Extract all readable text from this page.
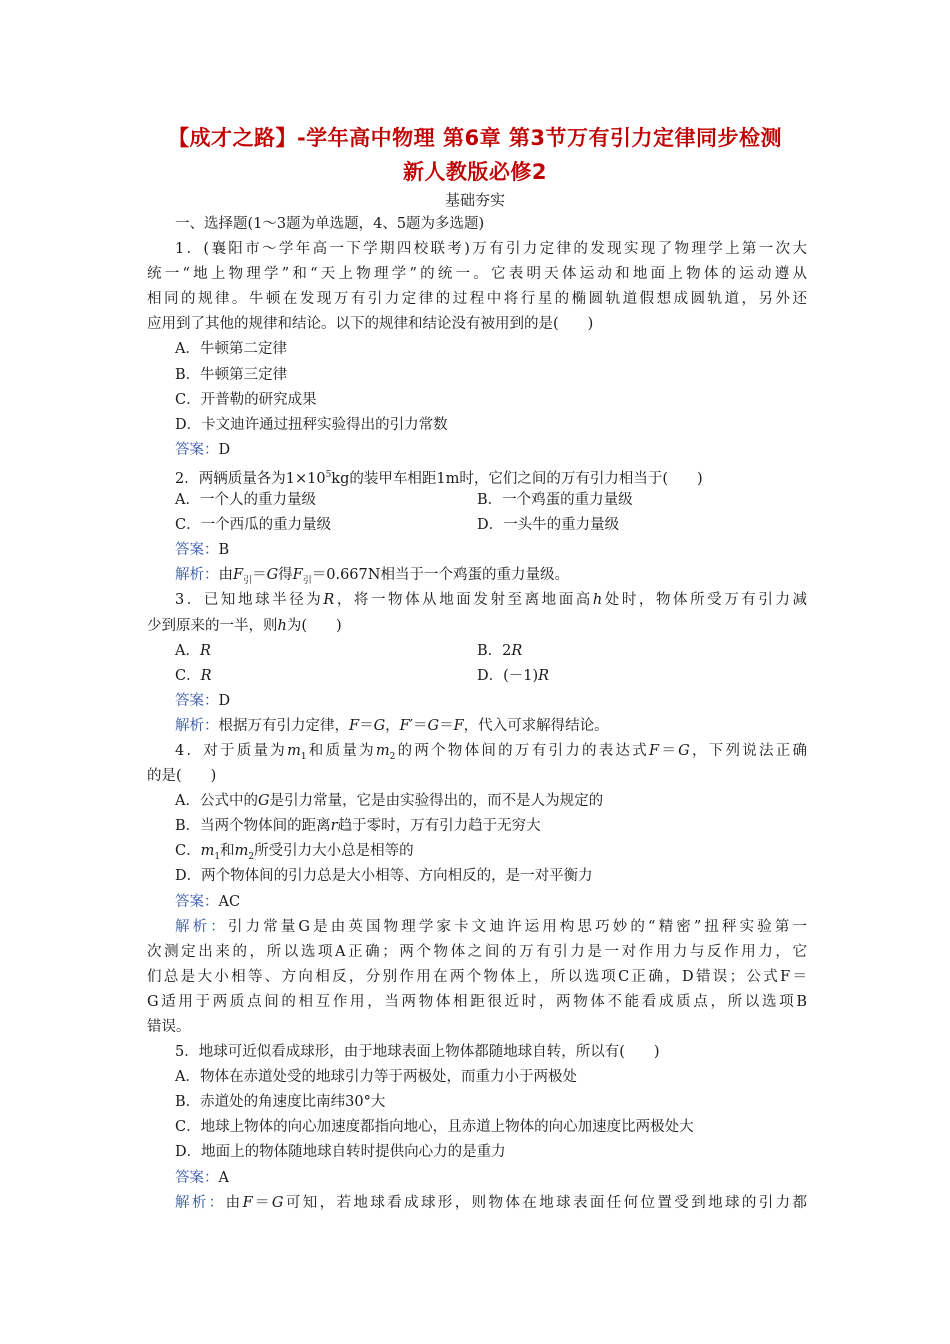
【成才之路】-学年高中物理 第6章 第3节万有引力定律同步检测
新人教版必修2
基础夯实
一、选择题(1～3题为单选题，4、5题为多选题)
1．(襄阳市～学年高一下学期四校联考)万有引力定律的发现实现了物理学上第一次大
统一“地上物理学”和“天上物理学”的统一。它表明天体运动和地面上物体的运动遵从
相同的规律。牛顿在发现万有引力定律的过程中将行星的椭圆轨道假想成圆轨道，另外还
应用到了其他的规律和结论。以下的规律和结论没有被用到的是(　　)
A．牛顿第二定律
B．牛顿第三定律
C．开普勒的研究成果
D．卡文迪许通过扭秤实验得出的引力常数
答案：D
2．两辆质量各为$1\times 10^5kg$的装甲车相距1m时，它们之间的万有引力相当于(　　)
A．一个人的重力量级	B．一个鸡蛋的重力量级
C．一个西瓜的重力量级	D．一头牛的重力量级
答案：B
解析：由$F_引=G$得$F_引=0.667N$相当于一个鸡蛋的重力量级。
3．已知地球半径为R，将一物体从地面发射至离地面高h处时，物体所受万有引力减
少到原来的一半，则h为(　　)
A．R	B．2R
C．R	D．(－1)R
答案：D
解析：根据万有引力定律，F＝G，F′＝G＝F，代入可求解得结论。
4．对于质量为$m_1$和质量为$m_2$的两个物体间的万有引力的表达式F＝G，下列说法正确
的是(　　)
A．公式中的G是引力常量，它是由实验得出的，而不是人为规定的
B．当两个物体间的距离r趋于零时，万有引力趋于无穷大
C．$m_1$和$m_2$所受引力大小总是相等的
D．两个物体间的引力总是大小相等、方向相反的，是一对平衡力
答案：AC
解析：引力常量G是由英国物理学家卡文迪许运用构思巧妙的“精密”扭秤实验第一
次测定出来的，所以选项A正确；两个物体之间的万有引力是一对作用力与反作用力，它
们总是大小相等、方向相反，分别作用在两个物体上，所以选项C正确，D错误；公式F＝
G适用于两质点间的相互作用，当两物体相距很近时，两物体不能看成质点，所以选项B
错误。
5．地球可近似看成球形，由于地球表面上物体都随地球自转，所以有(　　)
A．物体在赤道处受的地球引力等于两极处，而重力小于两极处
B．赤道处的角速度比南纬30°大
C．地球上物体的向心加速度都指向地心，且赤道上物体的向心加速度比两极处大
D．地面上的物体随地球自转时提供向心力的是重力
答案：A
解析：由F＝G可知，若地球看成球形，则物体在地球表面任何位置受到地球的引力都
